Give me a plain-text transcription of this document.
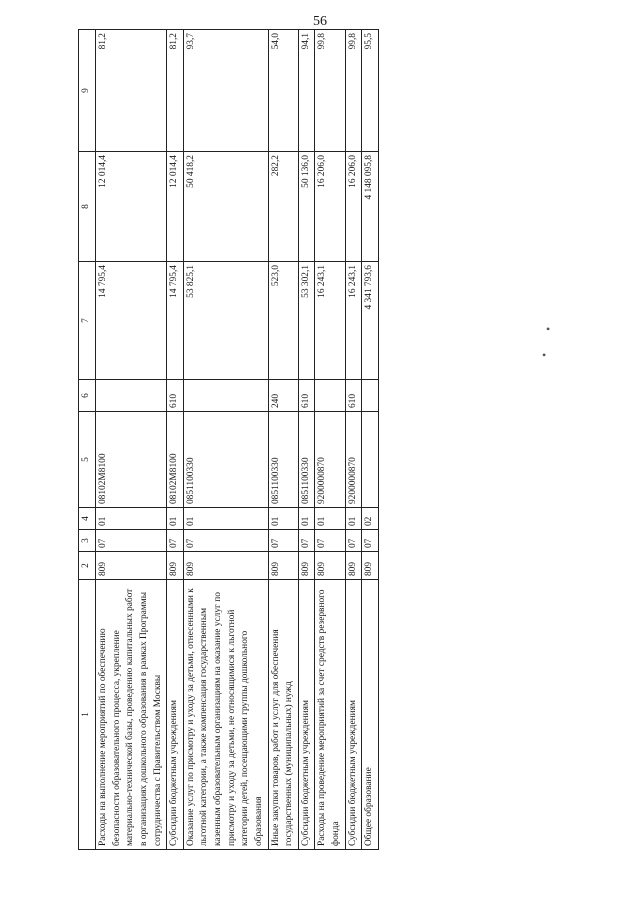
56
1	2	3	4	5	6	7	8	9
Расходы на выполнение мероприятий по обеспечению безопасности образовательного процесса, укрепление материально-технической базы, проведению капитальных работ в организациях дошкольного образования в рамках Программы сотрудничества с Правительством Москвы	809	07	01	08102М8100		14 795,4	12 014,4	81,2
Субсидии бюджетным учреждениям	809	07	01	08102М8100	610	14 795,4	12 014,4	81,2
Оказание услуг по присмотру и уходу за детьми, отнесенными к льготной категории, а также компенсация государственным казенным образовательным организациям на оказание услуг по присмотру и уходу за детьми, не относящимися к льготной категории детей, посещающими группы дошкольного образования	809	07	01	0851100330		53 825,1	50 418,2	93,7
Иные закупки товаров, работ и услуг для обеспечения государственных (муниципальных) нужд	809	07	01	0851100330	240	523,0	282,2	54,0
Субсидии бюджетным учреждениям	809	07	01	0851100330	610	53 302,1	50 136,0	94,1
Расходы на проведение мероприятий за счет средств резервного фонда	809	07	01	9200000870		16 243,1	16 206,0	99,8
Субсидии бюджетным учреждениям	809	07	01	9200000870	610	16 243,1	16 206,0	99,8
Общее образование	809	07	02			4 341 793,6	4 148 095,8	95,5
•
•
